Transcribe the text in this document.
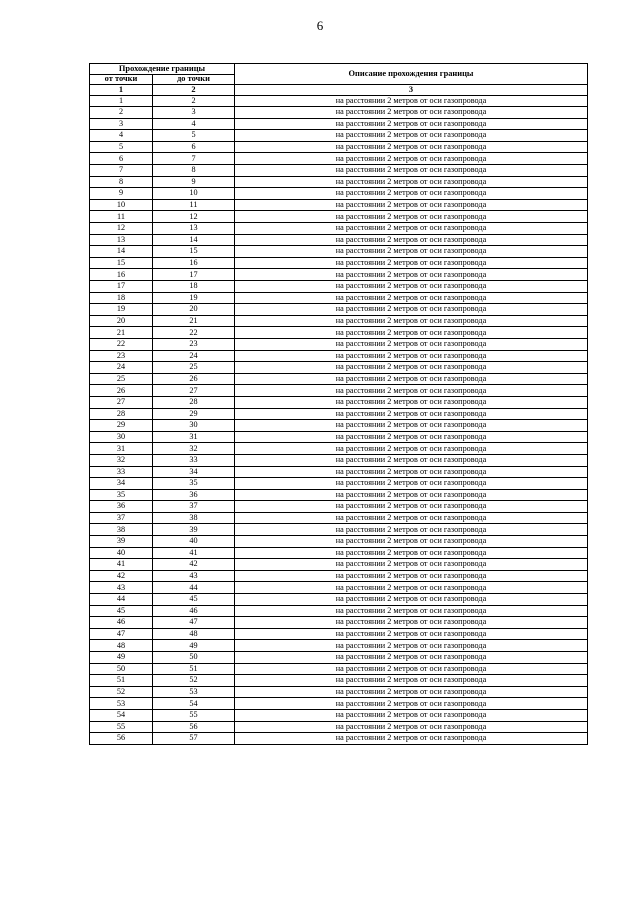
6
Прохождение границы		Описание прохождения границы
от точки	до точки	
1	2	3
1	2	на расстоянии 2 метров от оси газопровода
2	3	на расстоянии 2 метров от оси газопровода
3	4	на расстоянии 2 метров от оси газопровода
4	5	на расстоянии 2 метров от оси газопровода
5	6	на расстоянии 2 метров от оси газопровода
6	7	на расстоянии 2 метров от оси газопровода
7	8	на расстоянии 2 метров от оси газопровода
8	9	на расстоянии 2 метров от оси газопровода
9	10	на расстоянии 2 метров от оси газопровода
10	11	на расстоянии 2 метров от оси газопровода
11	12	на расстоянии 2 метров от оси газопровода
12	13	на расстоянии 2 метров от оси газопровода
13	14	на расстоянии 2 метров от оси газопровода
14	15	на расстоянии 2 метров от оси газопровода
15	16	на расстоянии 2 метров от оси газопровода
16	17	на расстоянии 2 метров от оси газопровода
17	18	на расстоянии 2 метров от оси газопровода
18	19	на расстоянии 2 метров от оси газопровода
19	20	на расстоянии 2 метров от оси газопровода
20	21	на расстоянии 2 метров от оси газопровода
21	22	на расстоянии 2 метров от оси газопровода
22	23	на расстоянии 2 метров от оси газопровода
23	24	на расстоянии 2 метров от оси газопровода
24	25	на расстоянии 2 метров от оси газопровода
25	26	на расстоянии 2 метров от оси газопровода
26	27	на расстоянии 2 метров от оси газопровода
27	28	на расстоянии 2 метров от оси газопровода
28	29	на расстоянии 2 метров от оси газопровода
29	30	на расстоянии 2 метров от оси газопровода
30	31	на расстоянии 2 метров от оси газопровода
31	32	на расстоянии 2 метров от оси газопровода
32	33	на расстоянии 2 метров от оси газопровода
33	34	на расстоянии 2 метров от оси газопровода
34	35	на расстоянии 2 метров от оси газопровода
35	36	на расстоянии 2 метров от оси газопровода
36	37	на расстоянии 2 метров от оси газопровода
37	38	на расстоянии 2 метров от оси газопровода
38	39	на расстоянии 2 метров от оси газопровода
39	40	на расстоянии 2 метров от оси газопровода
40	41	на расстоянии 2 метров от оси газопровода
41	42	на расстоянии 2 метров от оси газопровода
42	43	на расстоянии 2 метров от оси газопровода
43	44	на расстоянии 2 метров от оси газопровода
44	45	на расстоянии 2 метров от оси газопровода
45	46	на расстоянии 2 метров от оси газопровода
46	47	на расстоянии 2 метров от оси газопровода
47	48	на расстоянии 2 метров от оси газопровода
48	49	на расстоянии 2 метров от оси газопровода
49	50	на расстоянии 2 метров от оси газопровода
50	51	на расстоянии 2 метров от оси газопровода
51	52	на расстоянии 2 метров от оси газопровода
52	53	на расстоянии 2 метров от оси газопровода
53	54	на расстоянии 2 метров от оси газопровода
54	55	на расстоянии 2 метров от оси газопровода
55	56	на расстоянии 2 метров от оси газопровода
56	57	на расстоянии 2 метров от оси газопровода
